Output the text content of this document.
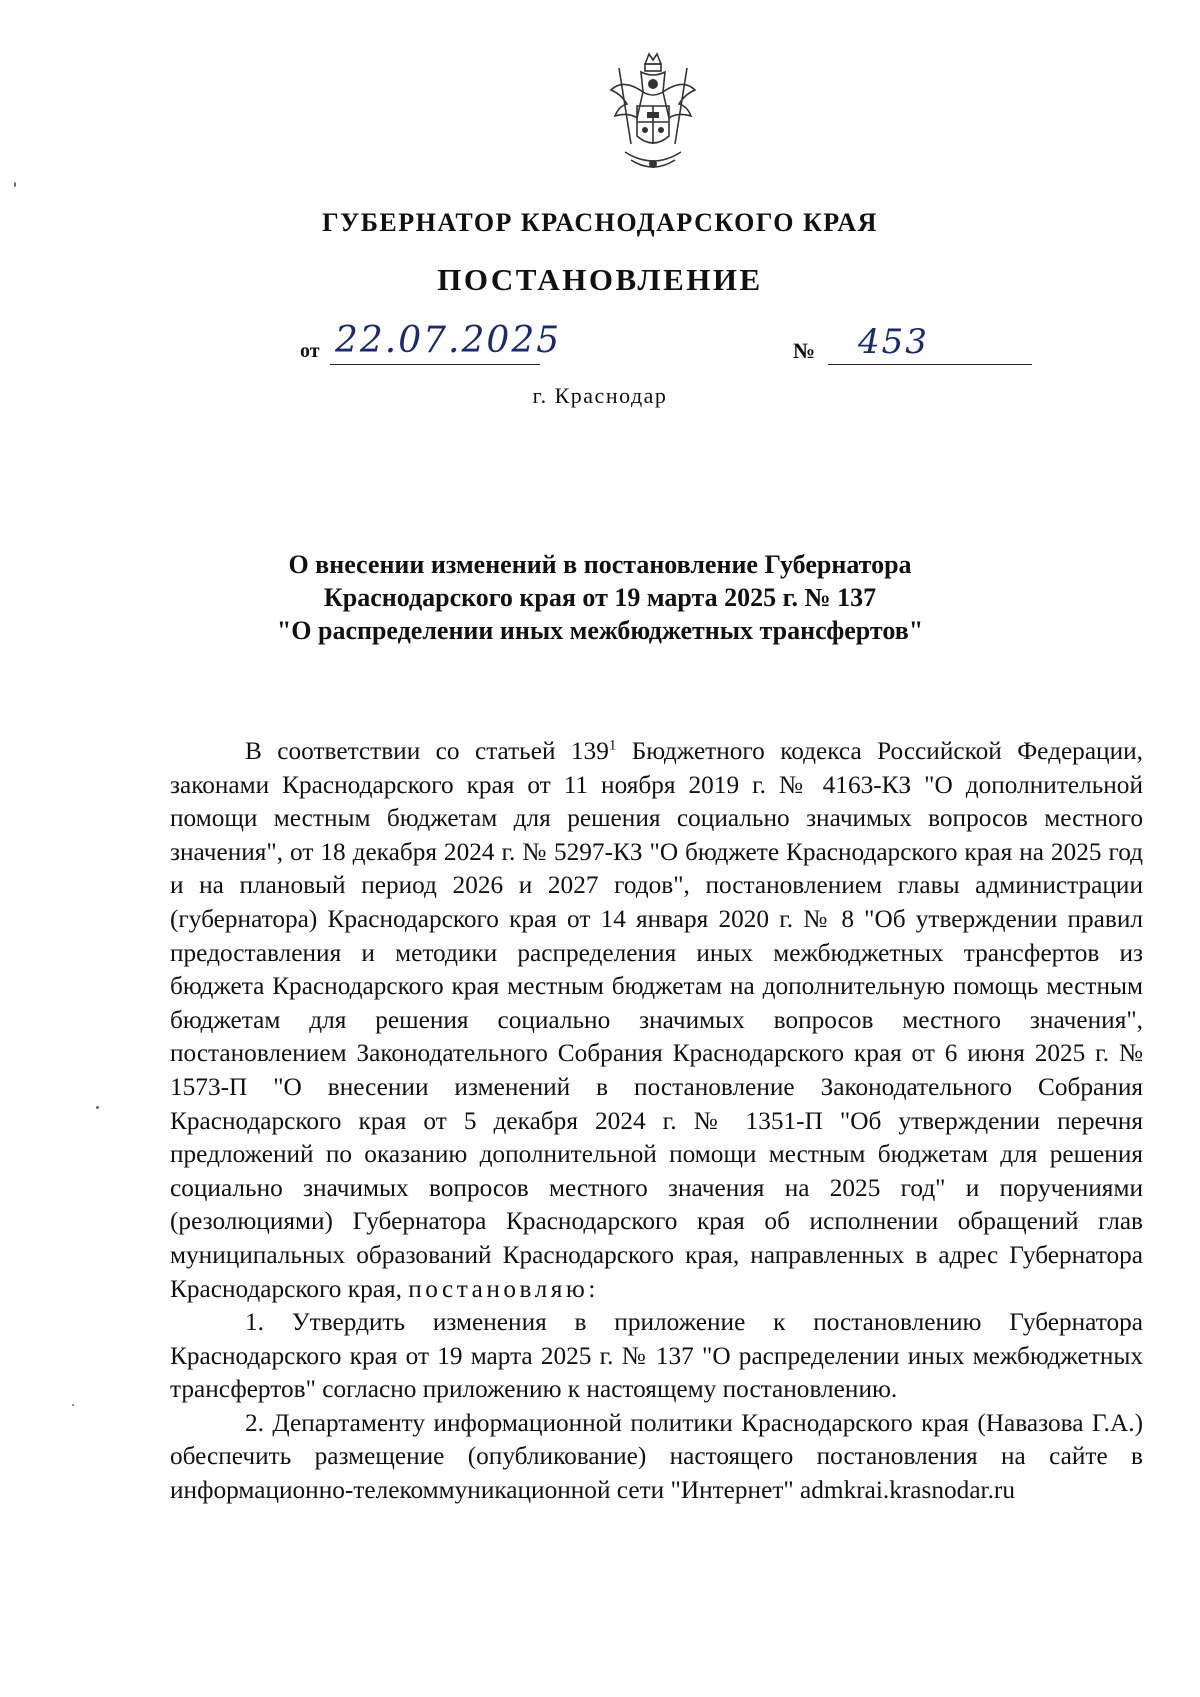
ГУБЕРНАТОР КРАСНОДАРСКОГО КРАЯ
ПОСТАНОВЛЕНИЕ
от 22.07.2025	№ 453
г. Краснодар
О внесении изменений в постановление Губернатора
Краснодарского края от 19 марта 2025 г. № 137
"О распределении иных межбюджетных трансфертов"

В соответствии со статьей $139^1$ Бюджетного кодекса Российской Федерации, законами Краснодарского края от 11 ноября 2019 г. № 4163-КЗ "О дополнительной помощи местным бюджетам для решения социально значимых вопросов местного значения", от 18 декабря 2024 г. № 5297-КЗ "О бюджете Краснодарского края на 2025 год и на плановый период 2026 и 2027 годов", постановлением главы администрации (губернатора) Краснодарского края от 14 января 2020 г. № 8 "Об утверждении правил предоставления и методики распределения иных межбюджетных трансфертов из бюджета Краснодарского края местным бюджетам на дополнительную помощь местным бюджетам для решения социально значимых вопросов местного значения", постановлением Законодательного Собрания Краснодарского края от 6 июня 2025 г. № 1573-П "О внесении изменений в постановление Законодательного Собрания Краснодарского края от 5 декабря 2024 г. № 1351-П "Об утверждении перечня предложений по оказанию дополнительной помощи местным бюджетам для решения социально значимых вопросов местного значения на 2025 год" и поручениями (резолюциями) Губернатора Краснодарского края об исполнении обращений глав муниципальных образований Краснодарского края, направленных в адрес Губернатора Краснодарского края, постановляю:

1. Утвердить изменения в приложение к постановлению Губернатора Краснодарского края от 19 марта 2025 г. № 137 "О распределении иных межбюджетных трансфертов" согласно приложению к настоящему постановлению.

2. Департаменту информационной политики Краснодарского края (Навазова Г.А.) обеспечить размещение (опубликование) настоящего постановления на сайте в информационно-телекоммуникационной сети "Интернет" admkrai.krasnodar.ru
